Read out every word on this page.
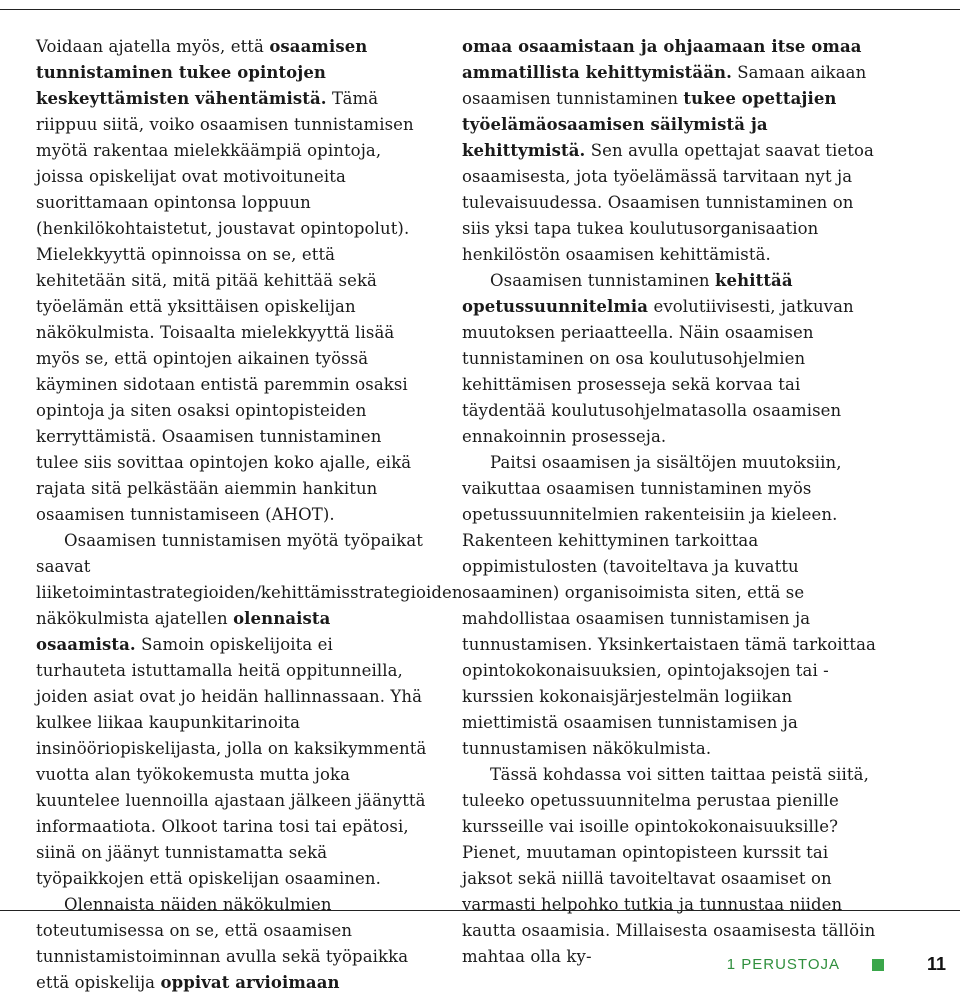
Voidaan ajatella myös, että osaamisen tunnistaminen tukee opintojen keskeyttämisten vähentämistä. Tämä riippuu siitä, voiko osaamisen tunnistamisen myötä rakentaa mielekkäämpiä opintoja, joissa opiskelijat ovat motivoituneita suorittamaan opintonsa loppuun (henkilökohtaistetut, joustavat opintopolut). Mielekkyyttä opinnoissa on se, että kehitetään sitä, mitä pitää kehittää sekä työelämän että yksittäisen opiskelijan näkökulmista. Toisaalta mielekkyyttä lisää myös se, että opintojen aikainen työssä käyminen sidotaan entistä paremmin osaksi opintoja ja siten osaksi opintopisteiden kerryttämistä. Osaamisen tunnistaminen tulee siis sovittaa opintojen koko ajalle, eikä rajata sitä pelkästään aiemmin hankitun osaamisen tunnistamiseen (AHOT).

Osaamisen tunnistamisen myötä työpaikat saavat liiketoimintastrategioiden/kehittämisstrategioiden näkökulmista ajatellen olennaista osaamista. Samoin opiskelijoita ei turhauteta istuttamalla heitä oppitunneilla, joiden asiat ovat jo heidän hallinnassaan. Yhä kulkee liikaa kaupunkitarinoita insinööriopiskelijasta, jolla on kaksikymmentä vuotta alan työkokemusta mutta joka kuuntelee luennoilla ajastaan jälkeen jäänyttä informaatiota. Olkoot tarina tosi tai epätosi, siinä on jäänyt tunnistamatta sekä työpaikkojen että opiskelijan osaaminen.

Olennaista näiden näkökulmien toteutumisessa on se, että osaamisen tunnistamistoiminnan avulla sekä työpaikka että opiskelija oppivat arvioimaan

omaa osaamistaan ja ohjaamaan itse omaa ammatillista kehittymistään. Samaan aikaan osaamisen tunnistaminen tukee opettajien työelämäosaamisen säilymistä ja kehittymistä. Sen avulla opettajat saavat tietoa osaamisesta, jota työelämässä tarvitaan nyt ja tulevaisuudessa. Osaamisen tunnistaminen on siis yksi tapa tukea koulutusorganisaation henkilöstön osaamisen kehittämistä.

Osaamisen tunnistaminen kehittää opetussuunnitelmia evolutiivisesti, jatkuvan muutoksen periaatteella. Näin osaamisen tunnistaminen on osa koulutusohjelmien kehittämisen prosesseja sekä korvaa tai täydentää koulutusohjelmatasolla osaamisen ennakoinnin prosesseja.

Paitsi osaamisen ja sisältöjen muutoksiin, vaikuttaa osaamisen tunnistaminen myös opetussuunnitelmien rakenteisiin ja kieleen. Rakenteen kehittyminen tarkoittaa oppimistulosten (tavoiteltava ja kuvattu osaaminen) organisoimista siten, että se mahdollistaa osaamisen tunnistamisen ja tunnustamisen. Yksinkertaistaen tämä tarkoittaa opintokokonaisuuksien, opintojaksojen tai -kurssien kokonaisjärjestelmän logiikan miettimistä osaamisen tunnistamisen ja tunnustamisen näkökulmista.

Tässä kohdassa voi sitten taittaa peistä siitä, tuleeko opetussuunnitelma perustaa pienille kursseille vai isoille opintokokonaisuuksille? Pienet, muutaman opintopisteen kurssit tai jaksot sekä niillä tavoiteltavat osaamiset on varmasti helpohko tutkia ja tunnustaa niiden kautta osaamisia. Millaisesta osaamisesta tällöin mahtaa olla ky-	1 PERUSTOJA	11
